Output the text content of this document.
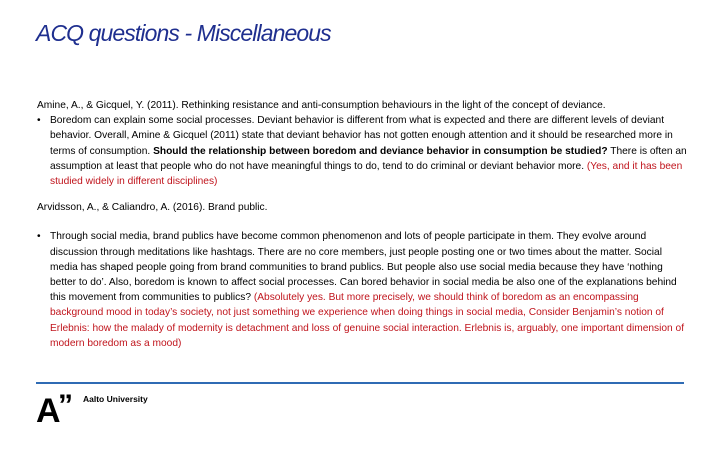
ACQ questions - Miscellaneous

Amine, A., & Gicquel, Y. (2011). Rethinking resistance and anti-consumption behaviours in the light of the concept of deviance.

• Boredom can explain some social processes. Deviant behavior is different from what is expected and there are different levels of deviant behavior. Overall, Amine & Gicquel (2011) state that deviant behavior has not gotten enough attention and it should be researched more in terms of consumption. Should the relationship between boredom and deviance behavior in consumption be studied? There is often an assumption at least that people who do not have meaningful things to do, tend to do criminal or deviant behavior more. (Yes, and it has been studied widely in different disciplines)

Arvidsson, A., & Caliandro, A. (2016). Brand public.

• Through social media, brand publics have become common phenomenon and lots of people participate in them. They evolve around discussion through meditations like hashtags. There are no core members, just people posting one or two times about the matter. Social media has shaped people going from brand communities to brand publics. But people also use social media because they have ‘nothing better to do’. Also, boredom is known to affect social processes. Can bored behavior in social media be also one of the explanations behind this movement from communities to publics? (Absolutely yes. But more precisely, we should think of boredom as an encompassing background mood in today’s society, not just something we experience when doing things in social media, Consider Benjamin’s notion of Erlebnis: how the malady of modernity is detachment and loss of genuine social interaction. Erlebnis is, arguably, one important dimension of modern boredom as a mood)

A
” Aalto University
